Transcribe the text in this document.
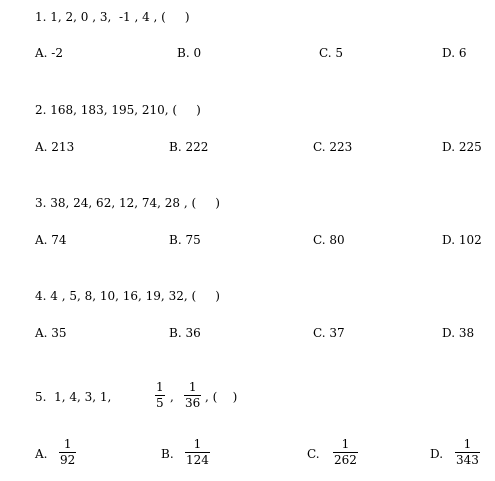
1. 1, 2, 0 , 3,  -1 , 4 , (     )
A. -2	B. 0	C. 5	D. 6
2. 168, 183, 195, 210, (     )
A. 213	B. 222	C. 223	D. 225
3. 38, 24, 62, 12, 74, 28 , (     )
A. 74	B. 75	C. 80	D. 102
4. 4 , 5, 8, 10, 16, 19, 32, (     )
A. 35	B. 36	C. 37	D. 38
5.  1, 4, 3, 1,
1
5 ,
1
36 , (    )
A.
1
92	B.
1
124	C.
1
262	D.
1
343
